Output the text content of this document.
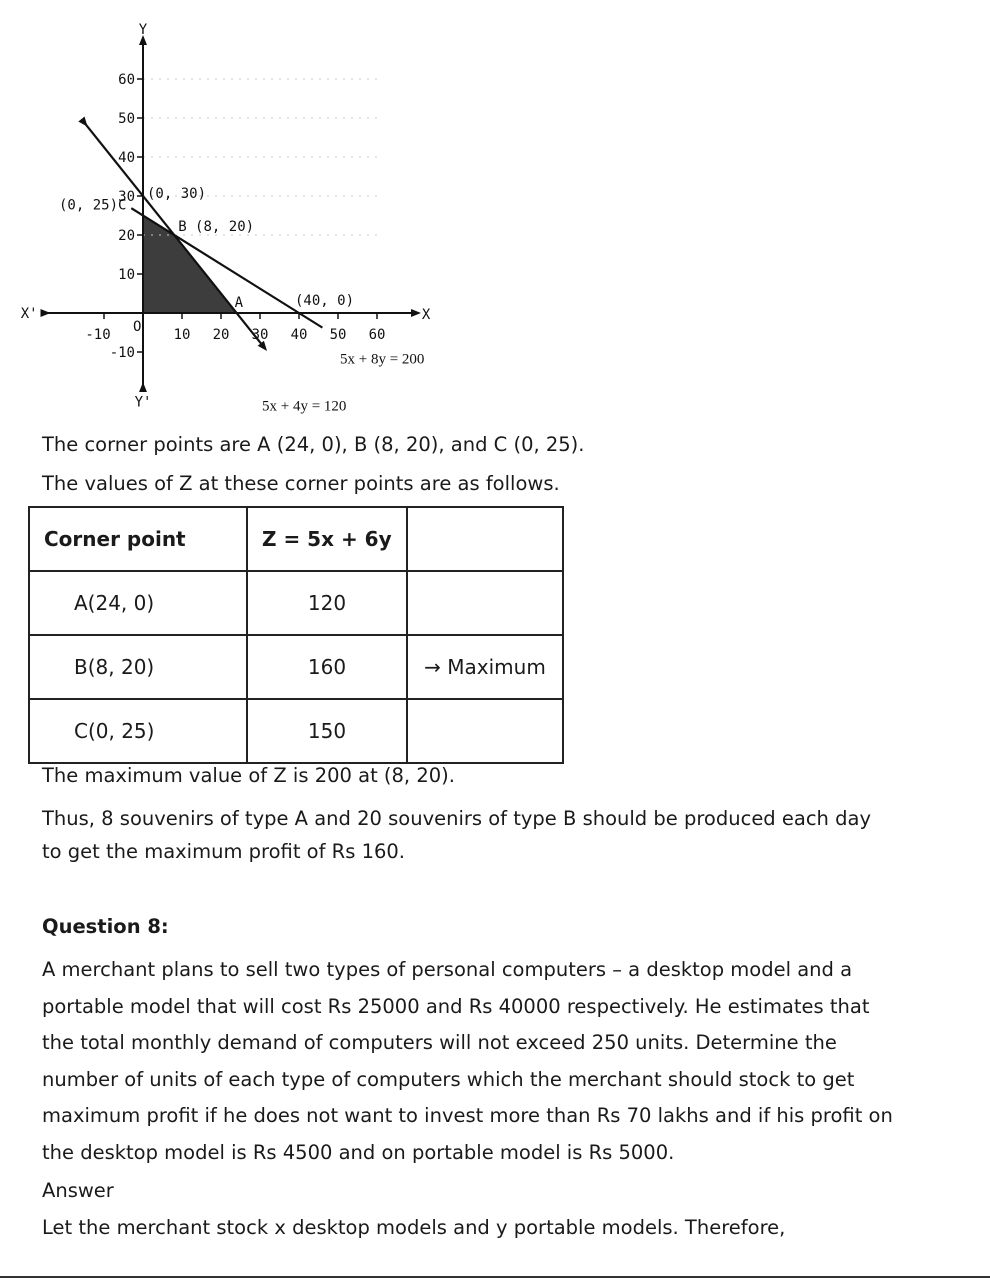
60
50
40
30
20
10
-10
-10	10 20 30 40 50 60
Y
Y'
X
X'
O
(0, 25)C
(0, 30)
B (8, 20)
A	(40, 0)
5x + 8y = 200
5x + 4y = 120

The corner points are A (24, 0), B (8, 20), and C (0, 25).

The values of Z at these corner points are as follows.

Corner point	Z = 5x + 6y	
A(24, 0)	120	
B(8, 20)	160	→ Maximum
C(0, 25)	150	

The maximum value of Z is 200 at (8, 20).

Thus, 8 souvenirs of type A and 20 souvenirs of type B should be produced each day

to get the maximum profit of Rs 160.

Question 8:

A merchant plans to sell two types of personal computers – a desktop model and a
portable model that will cost Rs 25000 and Rs 40000 respectively. He estimates that
the total monthly demand of computers will not exceed 250 units. Determine the
number of units of each type of computers which the merchant should stock to get
maximum profit if he does not want to invest more than Rs 70 lakhs and if his profit on
the desktop model is Rs 4500 and on portable model is Rs 5000.

Answer

Let the merchant stock x desktop models and y portable models. Therefore,
